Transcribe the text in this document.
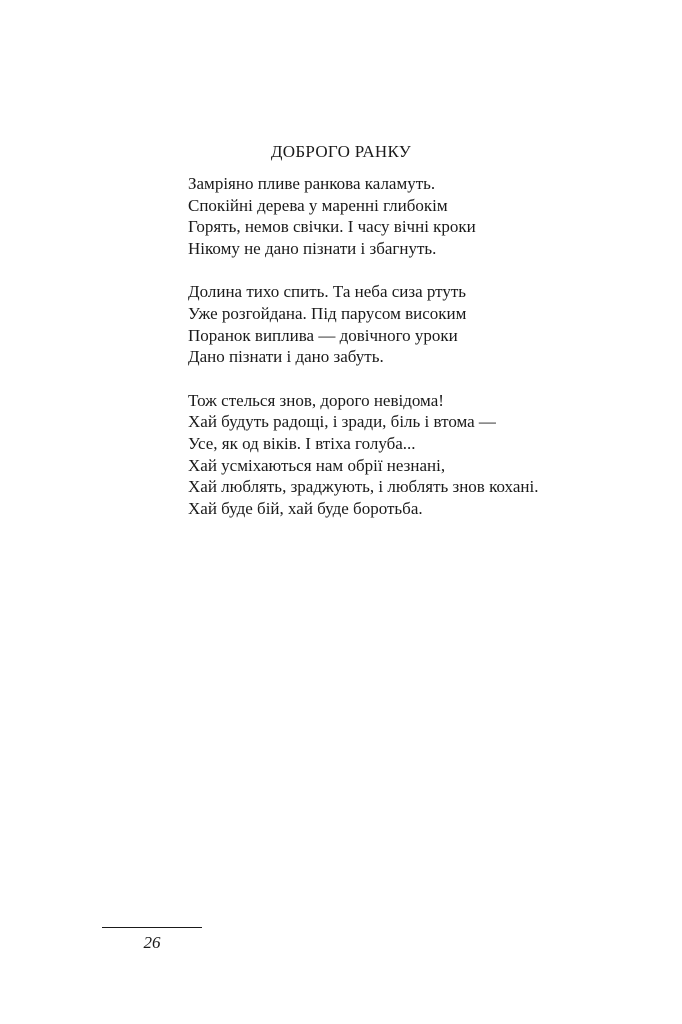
ДОБРОГО РАНКУ

Замріяно пливе ранкова каламуть.
Спокійні дерева у маренні глибокім
Горять, немов свічки. І часу вічні кроки
Нікому не дано пізнати і збагнуть.

Долина тихо спить. Та неба сиза ртуть
Уже розгойдана. Під парусом високим
Поранок виплива — довічного уроки
Дано пізнати і дано забуть.

Тож стелься знов, дорого невідома!
Хай будуть радощі, і зради, біль і втома —
Усе, як од віків. І втіха голуба...
Хай усміхаються нам обрії незнані,
Хай люблять, зраджують, і люблять знов кохані.
Хай буде бій, хай буде боротьба.

26
